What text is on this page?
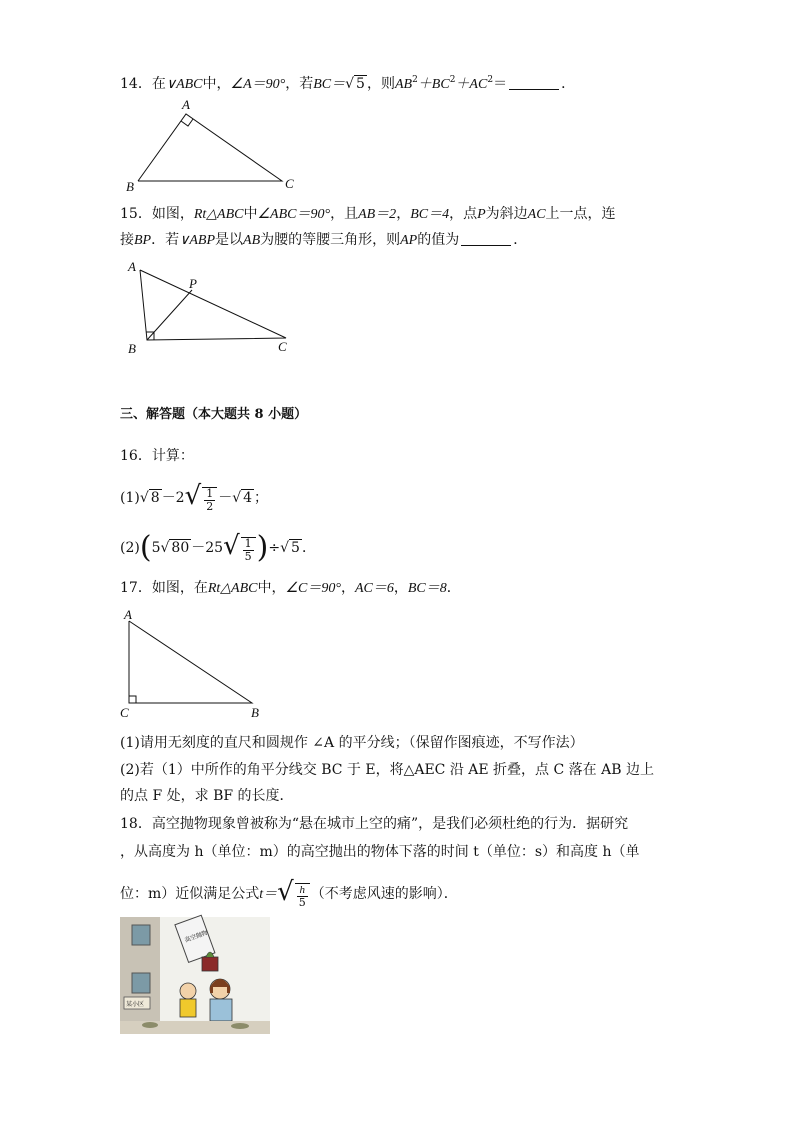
14．在∨ABC中，∠A＝90°，若BC＝√ 5 ，则$AB^2+BC^2+AC^2=$	．
A
B	C
15．如图，Rt△ABC中∠ABC＝90°，且AB＝2，BC＝4，点P为斜边AC上一点，连
接BP．若∨ABP是以AB为腰的等腰三角形，则AP的值为	．
A
B	C
P
三、解答题（本大题共 8 小题）
16．计算：
(1)√ $8 -2√ \frac{1}{2}$ －√ 4 ；
(2)(5√ $80 -25√ \frac{1}{5}$ )÷√ 5 ．
17．如图，在Rt△ABC中，∠C＝90°，AC＝6，BC＝8．
A
C	B
(1)请用无刻度的直尺和圆规作 ∠A 的平分线；（保留作图痕迹，不写作法）
(2)若（1）中所作的角平分线交 BC 于 E，将△AEC 沿 AE 折叠，点 C 落在 AB 边上
的点 F 处，求 BF 的长度．
18．高空抛物现象曾被称为“悬在城市上空的痛”，是我们必须杜绝的行为．据研究
，从高度为 h（单位：m）的高空抛出的物体下落的时间 t（单位：s）和高度 h（单
位：m）近似满足公式$t=√ \frac{h}{5}$ （不考虑风速的影响）．
某小区
高空抛物
